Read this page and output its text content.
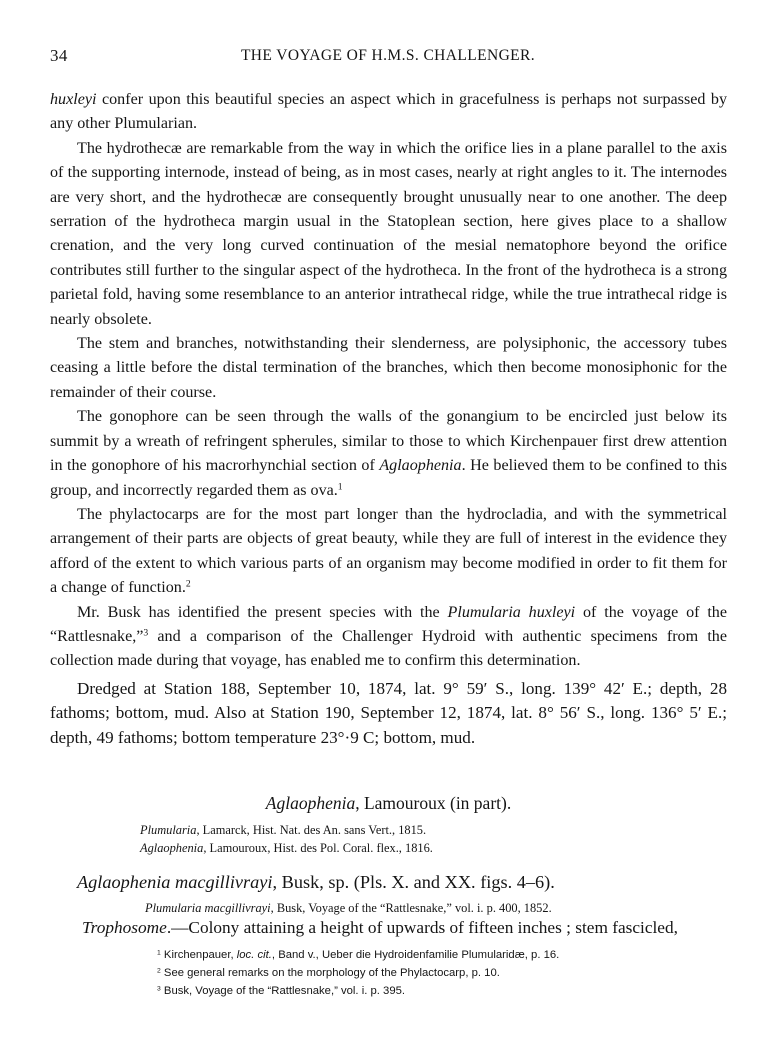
34	THE VOYAGE OF H.M.S. CHALLENGER.

huxleyi confer upon this beautiful species an aspect which in gracefulness is perhaps not surpassed by any other Plumularian.

The hydrothecæ are remarkable from the way in which the orifice lies in a plane parallel to the axis of the supporting internode, instead of being, as in most cases, nearly at right angles to it. The internodes are very short, and the hydrothecæ are consequently brought unusually near to one another. The deep serration of the hydrotheca margin usual in the Statoplean section, here gives place to a shallow crenation, and the very long curved continuation of the mesial nematophore beyond the orifice contributes still further to the singular aspect of the hydrotheca. In the front of the hydrotheca is a strong parietal fold, having some resemblance to an anterior intrathecal ridge, while the true intrathecal ridge is nearly obsolete.

The stem and branches, notwithstanding their slenderness, are polysiphonic, the accessory tubes ceasing a little before the distal termination of the branches, which then become monosiphonic for the remainder of their course.

The gonophore can be seen through the walls of the gonangium to be encircled just below its summit by a wreath of refringent spherules, similar to those to which Kirchenpauer first drew attention in the gonophore of his macrorhynchial section of Aglaophenia. He believed them to be confined to this group, and incorrectly regarded them as ova.$^1$

The phylactocarps are for the most part longer than the hydrocladia, and with the symmetrical arrangement of their parts are objects of great beauty, while they are full of interest in the evidence they afford of the extent to which various parts of an organism may become modified in order to fit them for a change of function.$^2$

Mr. Busk has identified the present species with the Plumularia huxleyi of the voyage of the “Rattlesnake,”$^3$ and a comparison of the Challenger Hydroid with authentic specimens from the collection made during that voyage, has enabled me to confirm this determination.

Dredged at Station 188, September 10, 1874, lat. 9° 59′ S., long. 139° 42′ E.; depth, 28 fathoms; bottom, mud. Also at Station 190, September 12, 1874, lat. 8° 56′ S., long. 136° 5′ E.; depth, 49 fathoms; bottom temperature 23°·9 C; bottom, mud.

Aglaophenia, Lamouroux (in part).
Plumularia, Lamarck, Hist. Nat. des An. sans Vert., 1815.
Aglaophenia, Lamouroux, Hist. des Pol. Coral. flex., 1816.
Aglaophenia macgillivrayi, Busk, sp. (Pls. X. and XX. figs. 4–6).
Plumularia macgillivrayi, Busk, Voyage of the “Rattlesnake,” vol. i. p. 400, 1852.
Trophosome.—Colony attaining a height of upwards of fifteen inches ; stem fascicled,
$^1$ Kirchenpauer, loc. cit., Band v., Ueber die Hydroidenfamilie Plumularidæ, p. 16.
$^2$ See general remarks on the morphology of the Phylactocarp, p. 10.
$^3$ Busk, Voyage of the “Rattlesnake,” vol. i. p. 395.
